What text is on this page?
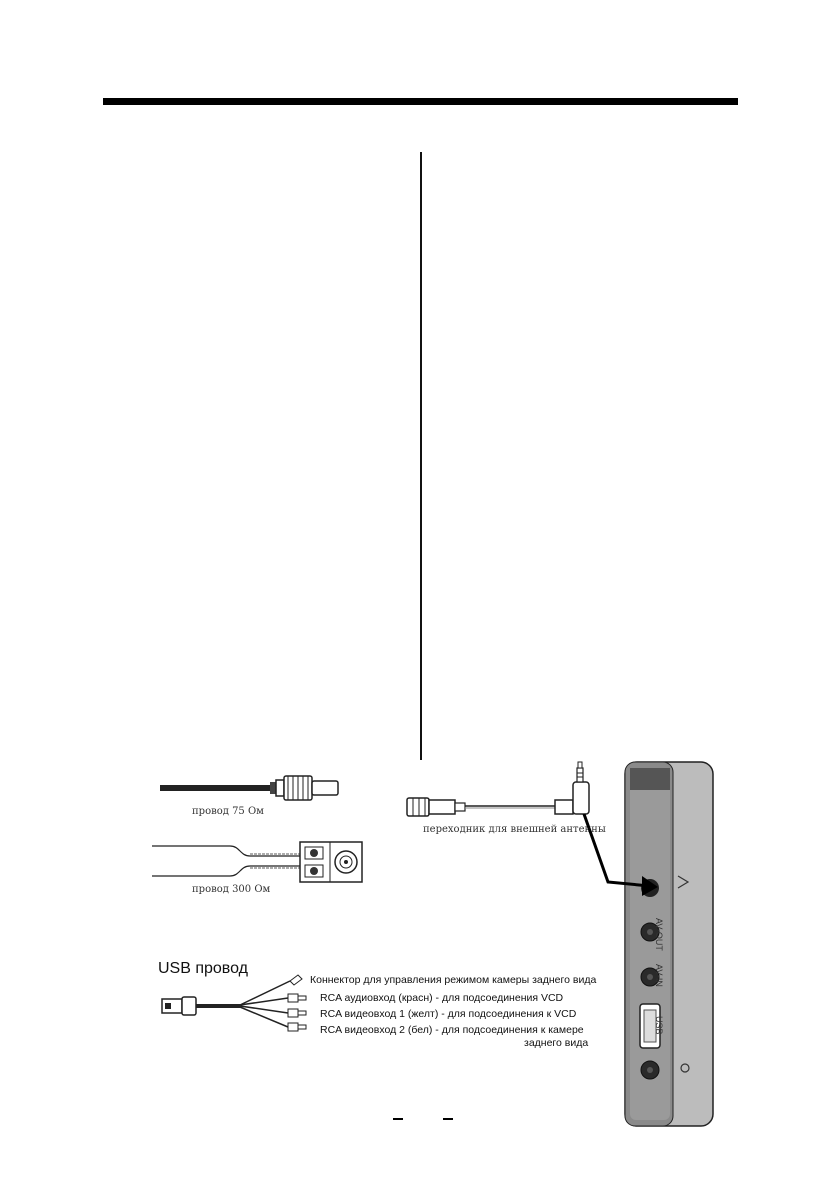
провод 75 Ом
провод 300 Ом
переходник для внешней антенны
AV-OUT
AV-IN
USB
USB провод
Коннектор для управления режимом камеры заднего вида
RCA аудиовход (красн) - для подсоединения VCD
RCA видеовход 1 (желт) - для подсоединения к VCD
RCA видеовход 2 (бел) - для подсоединения к камере
заднего вида
